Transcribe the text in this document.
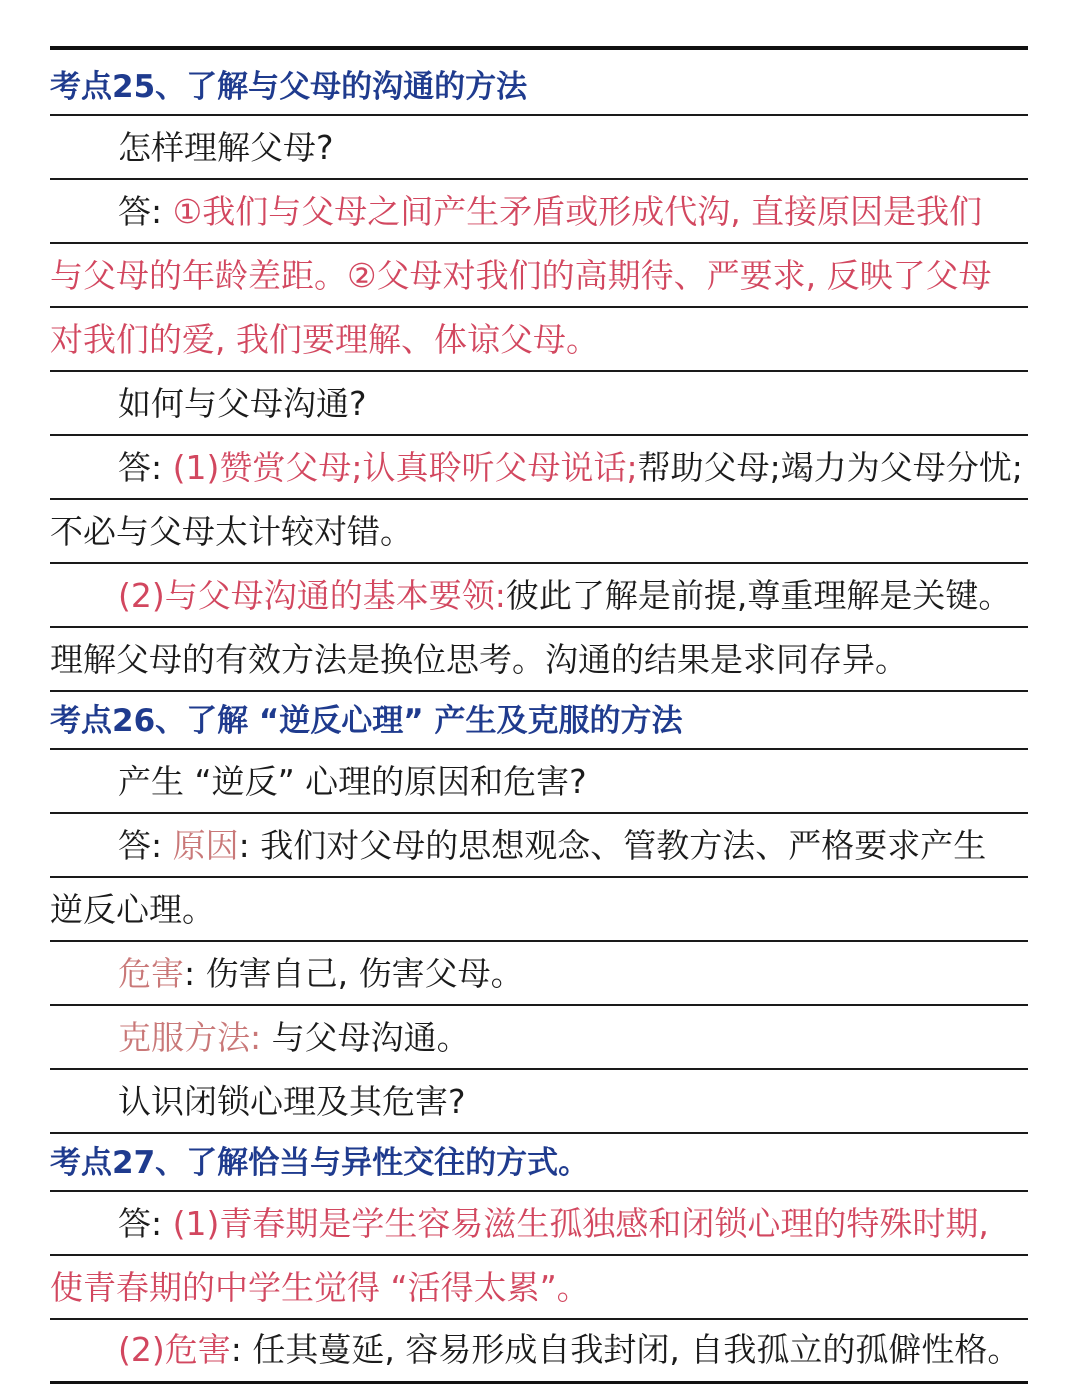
考点25、了解与父母的沟通的方法
怎样理解父母?
答: ①我们与父母之间产生矛盾或形成代沟, 直接原因是我们
与父母的年龄差距。②父母对我们的高期待、严要求, 反映了父母
对我们的爱, 我们要理解、体谅父母。
如何与父母沟通?
答: (1)赞赏父母;认真聆听父母说话;帮助父母;竭力为父母分忧;
不必与父母太计较对错。
(2)与父母沟通的基本要领:彼此了解是前提,尊重理解是关键。
理解父母的有效方法是换位思考。沟通的结果是求同存异。
考点26、了解 “逆反心理” 产生及克服的方法
产生 “逆反” 心理的原因和危害?
答: 原因: 我们对父母的思想观念、管教方法、严格要求产生
逆反心理。
危害: 伤害自己, 伤害父母。
克服方法: 与父母沟通。
认识闭锁心理及其危害?
考点27、了解恰当与异性交往的方式。
答: (1)青春期是学生容易滋生孤独感和闭锁心理的特殊时期,
使青春期的中学生觉得 “活得太累”。
(2)危害: 任其蔓延, 容易形成自我封闭, 自我孤立的孤僻性格。
